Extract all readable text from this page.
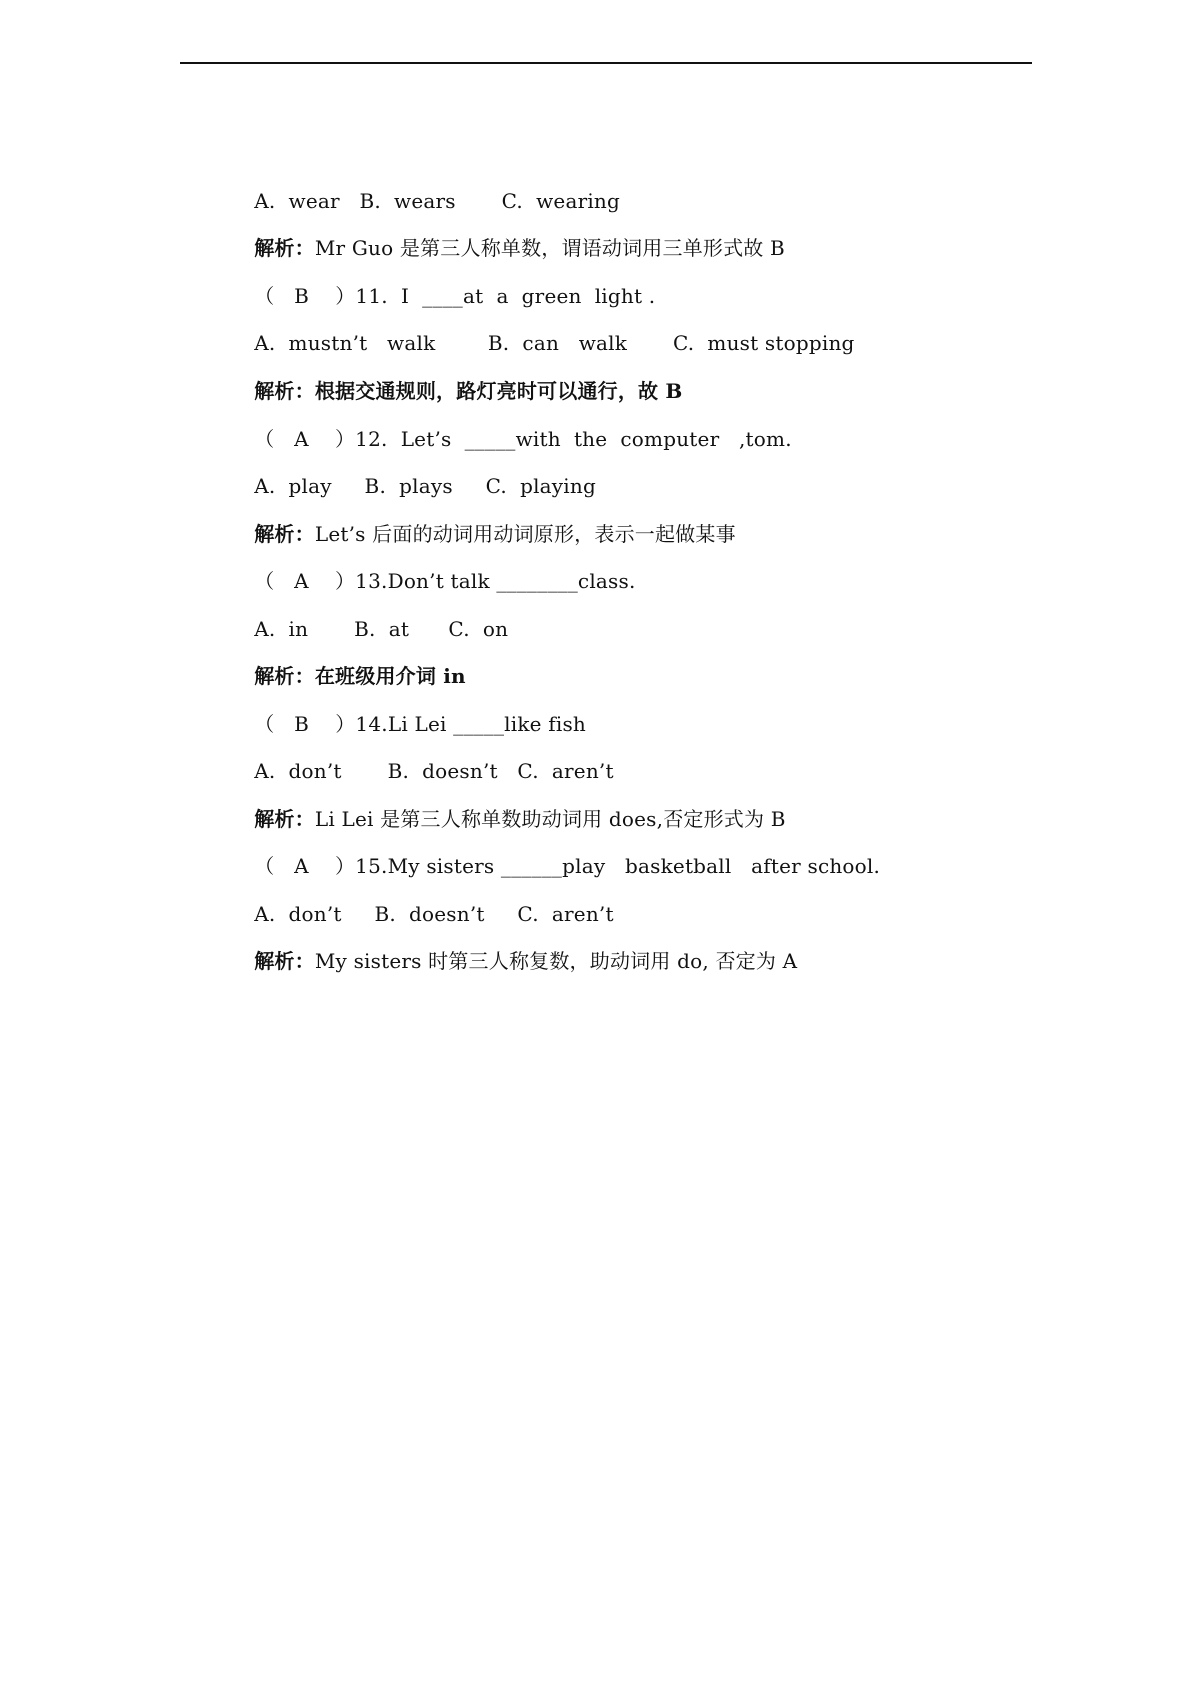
A.  wear   B.  wears       C.  wearing

解析：Mr Guo 是第三人称单数，谓语动词用三单形式故 B

（   B    ）11.  I  ____at  a  green  light .

A.  mustn’t   walk        B.  can   walk       C.  must stopping

解析：根据交通规则，路灯亮时可以通行，故 B

（   A    ）12.  Let’s  _____with  the  computer   ,tom.

A.  play     B.  plays     C.  playing

解析：Let’s 后面的动词用动词原形，表示一起做某事

（   A    ）13.Don’t talk ________class.

A.  in       B.  at      C.  on

解析：在班级用介词 in

（   B    ）14.Li Lei _____like fish

A.  don’t       B.  doesn’t   C.  aren’t

解析：Li Lei 是第三人称单数助动词用 does,否定形式为 B

（   A    ）15.My sisters ______play   basketball   after school.

A.  don’t     B.  doesn’t     C.  aren’t

解析：My sisters 时第三人称复数，助动词用 do, 否定为 A
